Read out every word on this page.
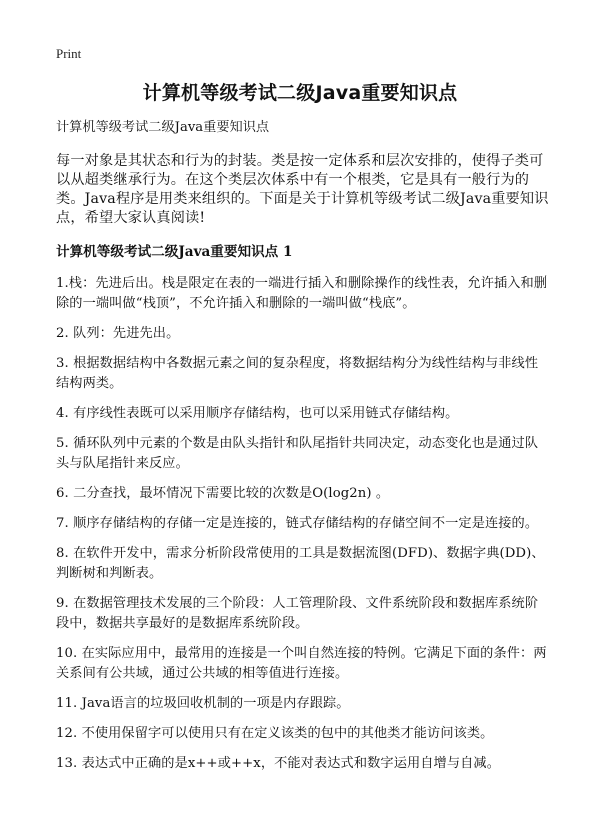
Print
计算机等级考试二级Java重要知识点

计算机等级考试二级Java重要知识点

每一对象是其状态和行为的封装。类是按一定体系和层次安排的，使得子类可以从超类继承行为。在这个类层次体系中有一个根类，它是具有一般行为的类。Java程序是用类来组织的。下面是关于计算机等级考试二级Java重要知识点，希望大家认真阅读!

计算机等级考试二级Java重要知识点 1

1.栈：先进后出。栈是限定在表的一端进行插入和删除操作的线性表，允许插入和删除的一端叫做“栈顶”，不允许插入和删除的一端叫做“栈底”。

2. 队列：先进先出。

3. 根据数据结构中各数据元素之间的复杂程度，将数据结构分为线性结构与非线性结构两类。

4. 有序线性表既可以采用顺序存储结构，也可以采用链式存储结构。

5. 循环队列中元素的个数是由队头指针和队尾指针共同决定，动态变化也是通过队头与队尾指针来反应。

6. 二分查找，最坏情况下需要比较的次数是O(log2n) 。

7. 顺序存储结构的存储一定是连接的，链式存储结构的存储空间不一定是连接的。

8. 在软件开发中，需求分析阶段常使用的工具是数据流图(DFD)、数据字典(DD)、判断树和判断表。

9. 在数据管理技术发展的三个阶段：人工管理阶段、文件系统阶段和数据库系统阶段中，数据共享最好的是数据库系统阶段。

10. 在实际应用中，最常用的连接是一个叫自然连接的特例。它满足下面的条件：两关系间有公共域，通过公共域的相等值进行连接。

11. Java语言的垃圾回收机制的一项是内存跟踪。

12. 不使用保留字可以使用只有在定义该类的包中的其他类才能访问该类。

13. 表达式中正确的是x++或++x，不能对表达式和数字运用自增与自减。
